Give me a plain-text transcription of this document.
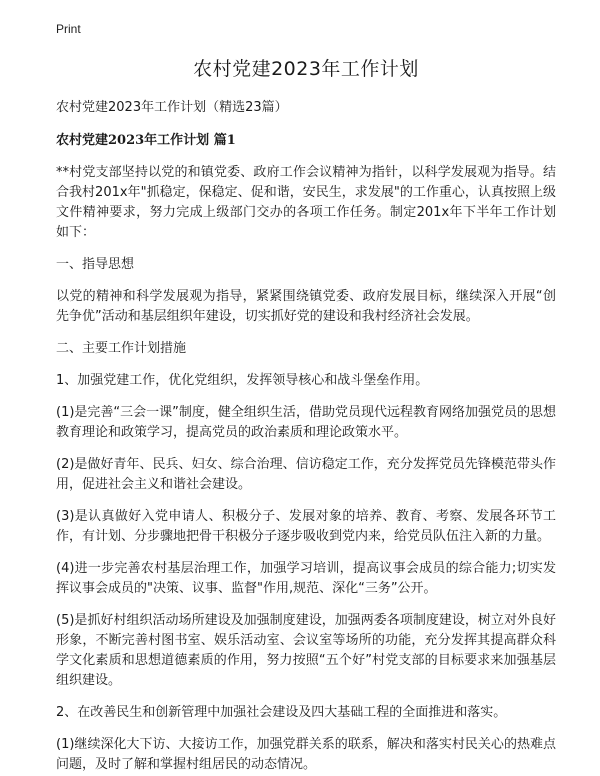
Print
农村党建2023年工作计划

农村党建2023年工作计划（精选23篇）

农村党建2023年工作计划 篇1

**村党支部坚持以党的和镇党委、政府工作会议精神为指针，以科学发展观为指导。结合我村201x年"抓稳定，保稳定、促和谐，安民生，求发展"的工作重心，认真按照上级文件精神要求，努力完成上级部门交办的各项工作任务。制定201x年下半年工作计划如下：

一、指导思想

以党的精神和科学发展观为指导，紧紧围绕镇党委、政府发展目标，继续深入开展“创先争优”活动和基层组织年建设，切实抓好党的建设和我村经济社会发展。

二、主要工作计划措施

1、加强党建工作，优化党组织，发挥领导核心和战斗堡垒作用。

(1)是完善“三会一课”制度，健全组织生活，借助党员现代远程教育网络加强党员的思想教育理论和政策学习，提高党员的政治素质和理论政策水平。

(2)是做好青年、民兵、妇女、综合治理、信访稳定工作，充分发挥党员先锋模范带头作用，促进社会主义和谐社会建设。

(3)是认真做好入党申请人、积极分子、发展对象的培养、教育、考察、发展各环节工作，有计划、分步骤地把骨干积极分子逐步吸收到党内来，给党员队伍注入新的力量。

(4)进一步完善农村基层治理工作，加强学习培训，提高议事会成员的综合能力;切实发挥议事会成员的"决策、议事、监督"作用,规范、深化“三务”公开。

(5)是抓好村组织活动场所建设及加强制度建设，加强两委各项制度建设，树立对外良好形象，不断完善村图书室、娱乐活动室、会议室等场所的功能，充分发挥其提高群众科学文化素质和思想道德素质的作用，努力按照“五个好”村党支部的目标要求来加强基层组织建设。

2、在改善民生和创新管理中加强社会建设及四大基础工程的全面推进和落实。

(1)继续深化大下访、大接访工作，加强党群关系的联系，解决和落实村民关心的热难点问题，及时了解和掌握村组居民的动态情况。
